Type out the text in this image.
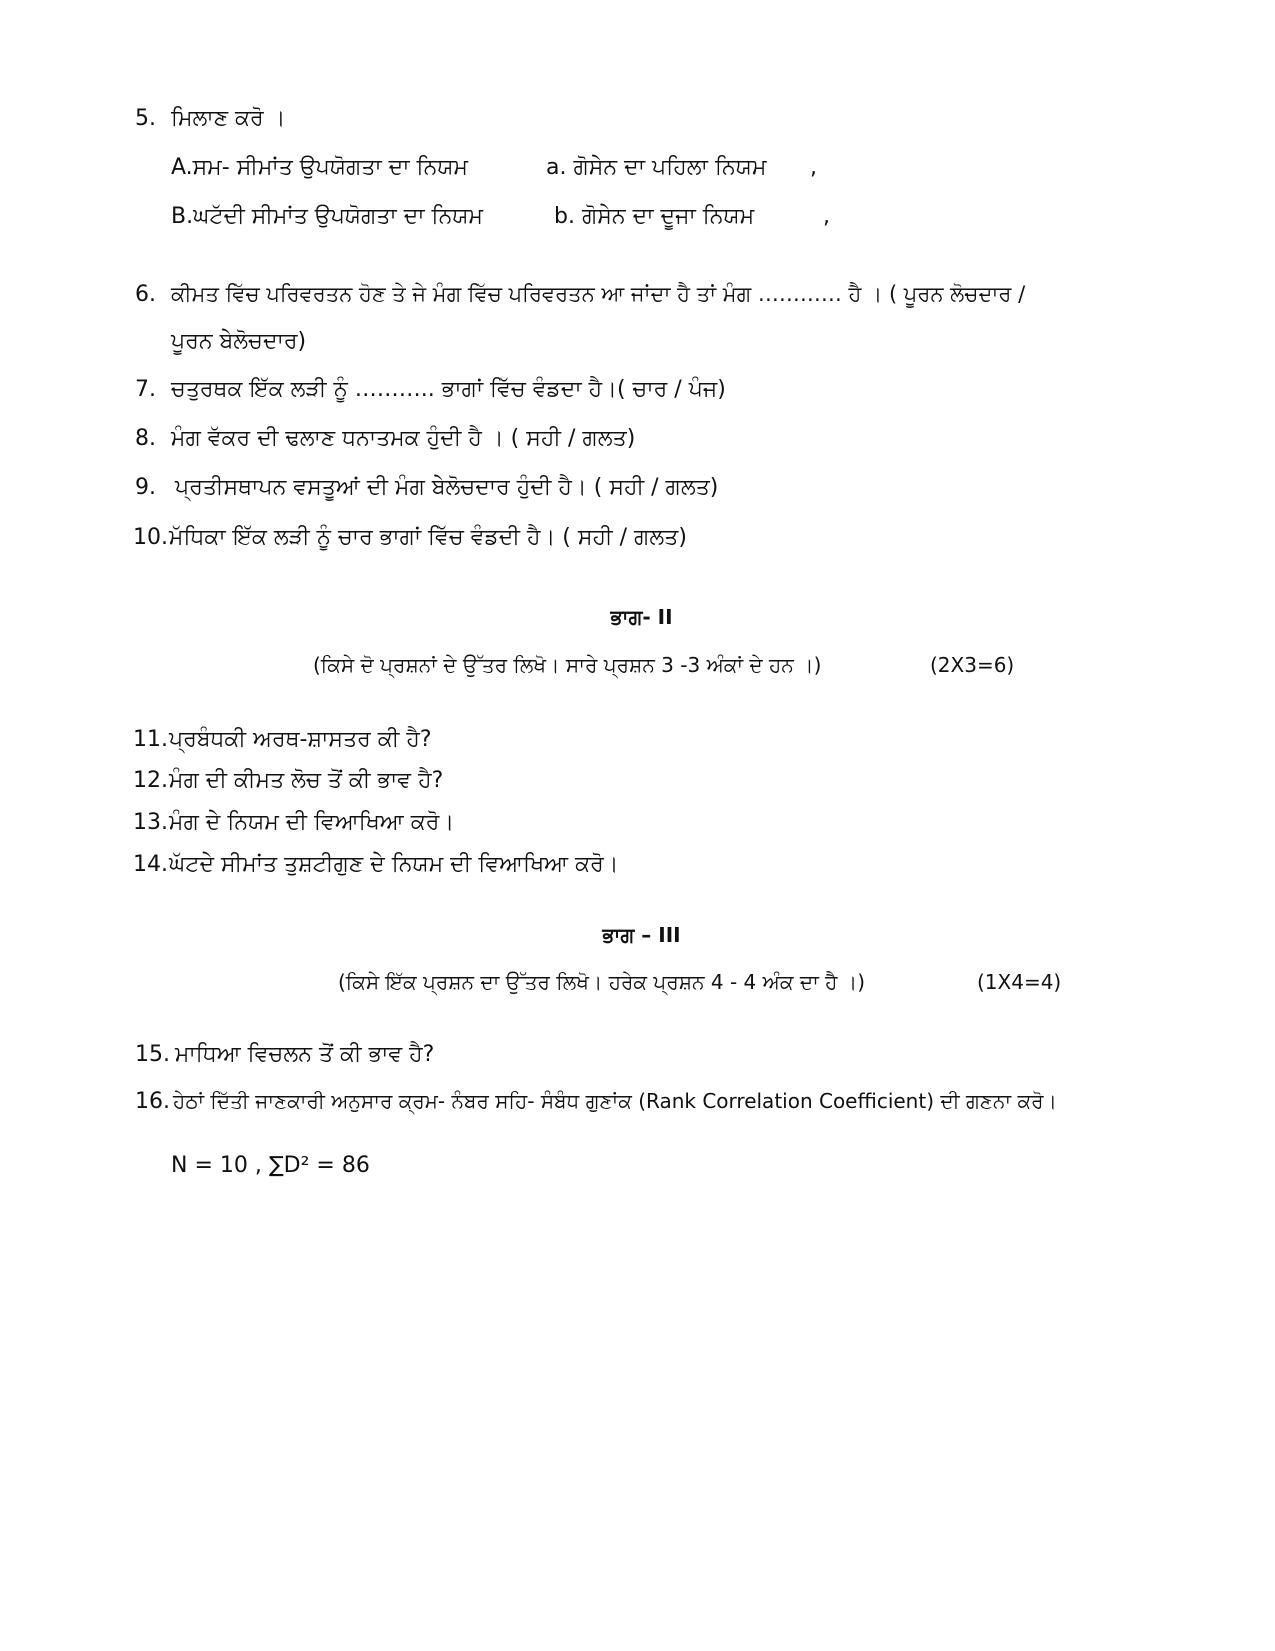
5. ਮਿਲਾਣ ਕਰੋ ।
A.ਸਮ- ਸੀਮਾਂਤ ਉਪਯੋਗਤਾ ਦਾ ਨਿਯਮ	a. ਗੋਸੇਨ ਦਾ ਪਹਿਲਾ ਨਿਯਮ ,
B.ਘਟੱਦੀ ਸੀਮਾਂਤ ਉਪਯੋਗਤਾ ਦਾ ਨਿਯਮ	b. ਗੋਸੇਨ ਦਾ ਦੂਜਾ ਨਿਯਮ	,
6. ਕੀਮਤ ਵਿੱਚ ਪਰਿਵਰਤਨ ਹੋਣ ਤੇ ਜੇ ਮੰਗ ਵਿੱਚ ਪਰਿਵਰਤਨ ਆ ਜਾਂਦਾ ਹੈ ਤਾਂ ਮੰਗ ………… ਹੈ । ( ਪੂਰਨ ਲੋਚਦਾਰ /
ਪੂਰਨ ਬੇਲੋਚਦਾਰ)
7. ਚਤੁਰਥਕ ਇੱਕ ਲੜੀ ਨੂੰ ……….. ਭਾਗਾਂ ਵਿੱਚ ਵੰਡਦਾ ਹੈ।( ਚਾਰ / ਪੰਜ)
8. ਮੰਗ ਵੱਕਰ ਦੀ ਢਲਾਣ ਧਨਾਤਮਕ ਹੁੰਦੀ ਹੈ । ( ਸਹੀ / ਗਲਤ)
9. ਪ੍ਰਤੀਸਥਾਪਨ ਵਸਤੂਆਂ ਦੀ ਮੰਗ ਬੇਲੋਚਦਾਰ ਹੁੰਦੀ ਹੈ। ( ਸਹੀ / ਗਲਤ)
10.ਮੱਧਿਕਾ ਇੱਕ ਲੜੀ ਨੂੰ ਚਾਰ ਭਾਗਾਂ ਵਿੱਚ ਵੰਡਦੀ ਹੈ। ( ਸਹੀ / ਗਲਤ)
ਭਾਗ- II
(ਕਿਸੇ ਦੋ ਪ੍ਰਸ਼ਨਾਂ ਦੇ ਉੱਤਰ ਲਿਖੋ। ਸਾਰੇ ਪ੍ਰਸ਼ਨ 3 -3 ਅੰਕਾਂ ਦੇ ਹਨ ।)	(2X3=6)
11.ਪ੍ਰਬੰਧਕੀ ਅਰਥ-ਸ਼ਾਸਤਰ ਕੀ ਹੈ?
12.ਮੰਗ ਦੀ ਕੀਮਤ ਲੋਚ ਤੋਂ ਕੀ ਭਾਵ ਹੈ?
13.ਮੰਗ ਦੇ ਨਿਯਮ ਦੀ ਵਿਆਖਿਆ ਕਰੋ।
14.ਘੱਟਦੇ ਸੀਮਾਂਤ ਤੁਸ਼ਟੀਗੁਣ ਦੇ ਨਿਯਮ ਦੀ ਵਿਆਖਿਆ ਕਰੋ।
ਭਾਗ – III
(ਕਿਸੇ ਇੱਕ ਪ੍ਰਸ਼ਨ ਦਾ ਉੱਤਰ ਲਿਖੋ। ਹਰੇਕ ਪ੍ਰਸ਼ਨ 4 - 4 ਅੰਕ ਦਾ ਹੈ ।)	(1X4=4)
15. ਮਾਧਿਆ ਵਿਚਲਨ ਤੋਂ ਕੀ ਭਾਵ ਹੈ?
16. ਹੇਠਾਂ ਦਿੱਤੀ ਜਾਣਕਾਰੀ ਅਨੁਸਾਰ ਕ੍ਰਮ- ਨੰਬਰ ਸਹਿ- ਸੰਬੰਧ ਗੁਣਾਂਕ (Rank Correlation Coefficient) ਦੀ ਗਣਨਾ ਕਰੋ।
N = 10 , ∑D² = 86
